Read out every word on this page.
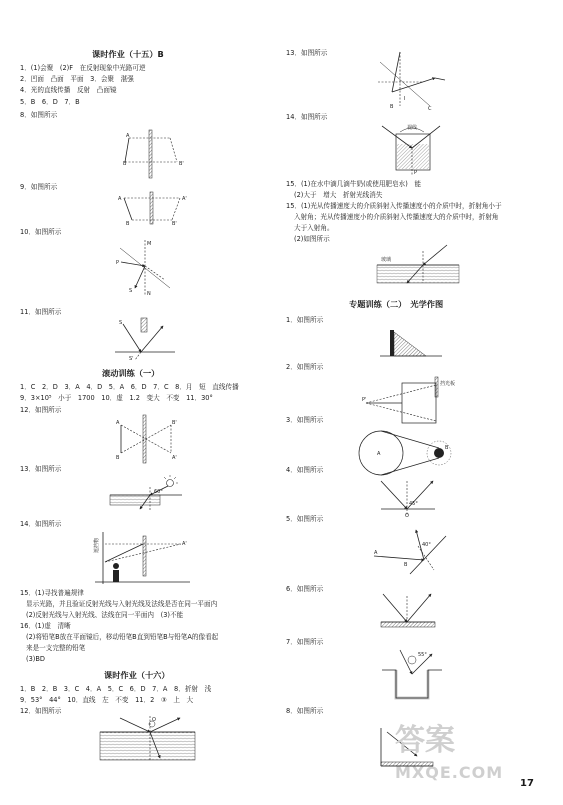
课时作业（十五）B
1．(1)会聚　(2)F　在反射现象中光路可逆
2．凹面　凸面　平面　3．会聚　湛强
4．光的直线传播　反射　凸面镜
5．B　6．D　7．B
8．如图所示
B	B'
A
9．如图所示
A	A'
B	B'
10．如图所示
M
N
P
S
11．如图所示
S
S'
滚动训练（一）
1．C　2．D　3．A　4．D　5．A　6．D　7．C　8．月　短　直线传播
9．3×10⁵　小于　1700　10．虚　1.2　变大　不变　11．30°
12．如图所示
A
B
B'
A'
13．如图所示
60°
14．如图所示
遮挡物	A'
15．(1)寻找普遍规律
显示光路，并且验证反射光线与入射光线及法线是否在同一平面内
(2)反射光线与入射光线、法线在同一平面内　(3)不能
16．(1)虚　清晰
(2)将铅笔B放在平面镜后，移动铅笔B直到铅笔B与铅笔A的像看起
来是一支完整的铅笔
(3)BD
课时作业（十六）
1．B　2．B　3．C　4．A　5．C　6．D　7．A　8．折射　浅
9．53°　44°　10．直线　左　不变　11．2　③　上　大
12．如图所示
O
13．如图所示
B	C
I
14．如图所示
视线
P
15．(1)在水中滴几滴牛奶(或使用肥皂水)　能
(2)大于　增大　折射光线消失
15．(1)光从传播速度大的介质斜射入传播速度小的介质中时，折射角小于
入射角；光从传播速度小的介质斜射入传播速度大的介质中时，折射角
大于入射角。
(2)如图所示
玻璃
专题训练（二）　光学作图
1．如图所示
2．如图所示
挡光板
P'
3．如图所示
A
B
4．如图所示
45°
O
5．如图所示
40°
A
B
6．如图所示
7．如图所示
55°
8．如图所示
答案
MXQE.COM
17
